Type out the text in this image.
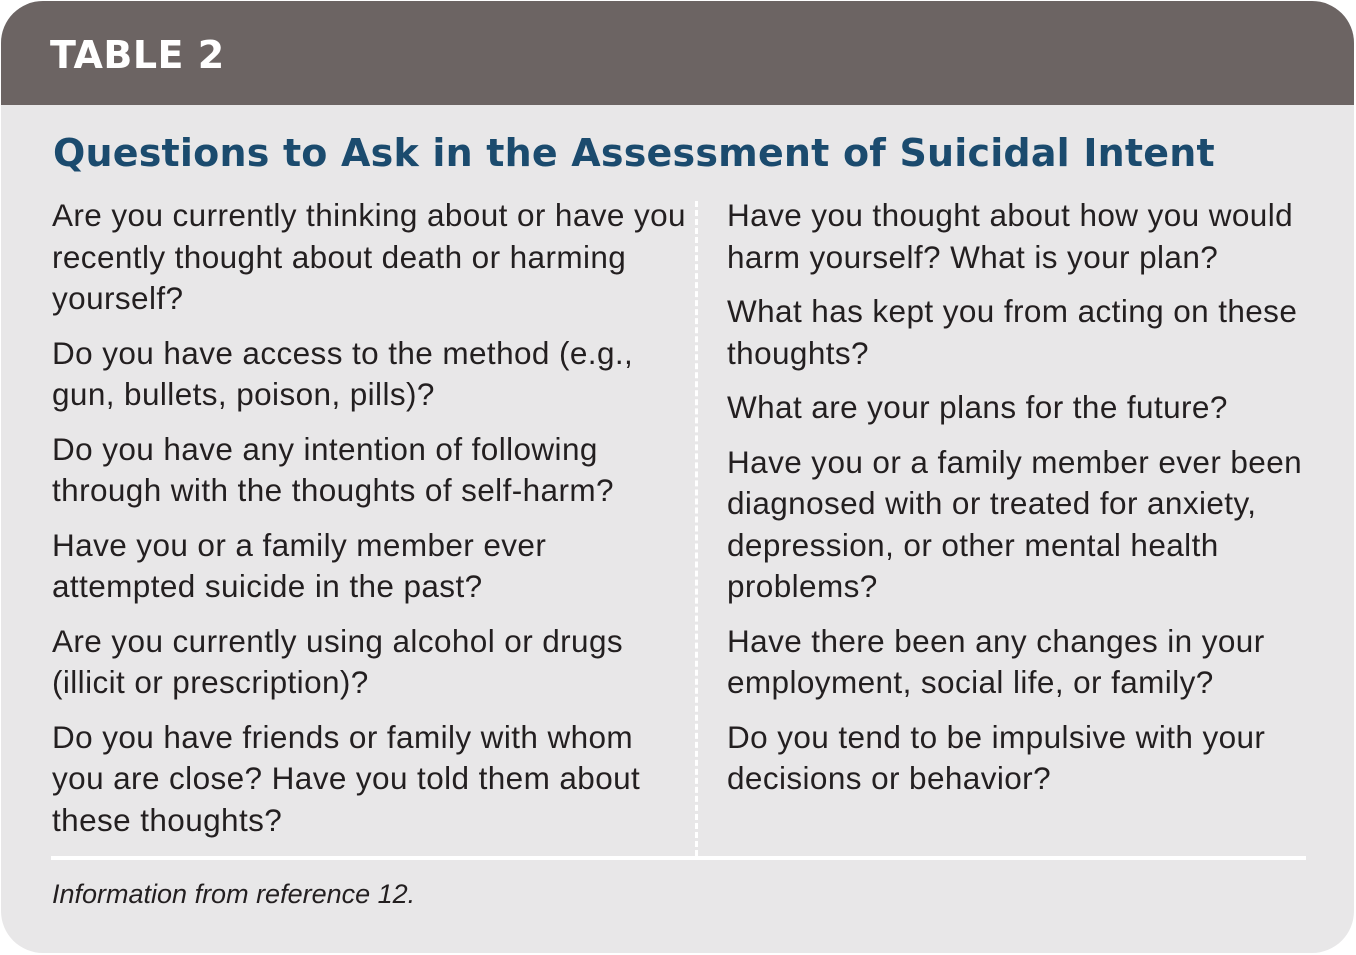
TABLE 2
Questions to Ask in the Assessment of Suicidal Intent

Are you currently thinking about or have you recently thought about death or harming yourself?

Do you have access to the method (e.g., gun, bullets, poison, pills)?

Do you have any intention of following through with the thoughts of self-harm?

Have you or a family member ever attempted suicide in the past?

Are you currently using alcohol or drugs (illicit or prescription)?

Do you have friends or family with whom you are close? Have you told them about these thoughts?

Have you thought about how you would harm yourself? What is your plan?

What has kept you from acting on these thoughts?

What are your plans for the future?

Have you or a family member ever been diagnosed with or treated for anxiety, depression, or other mental health problems?

Have there been any changes in your employment, social life, or family?

Do you tend to be impulsive with your decisions or behavior?

Information from reference 12.
